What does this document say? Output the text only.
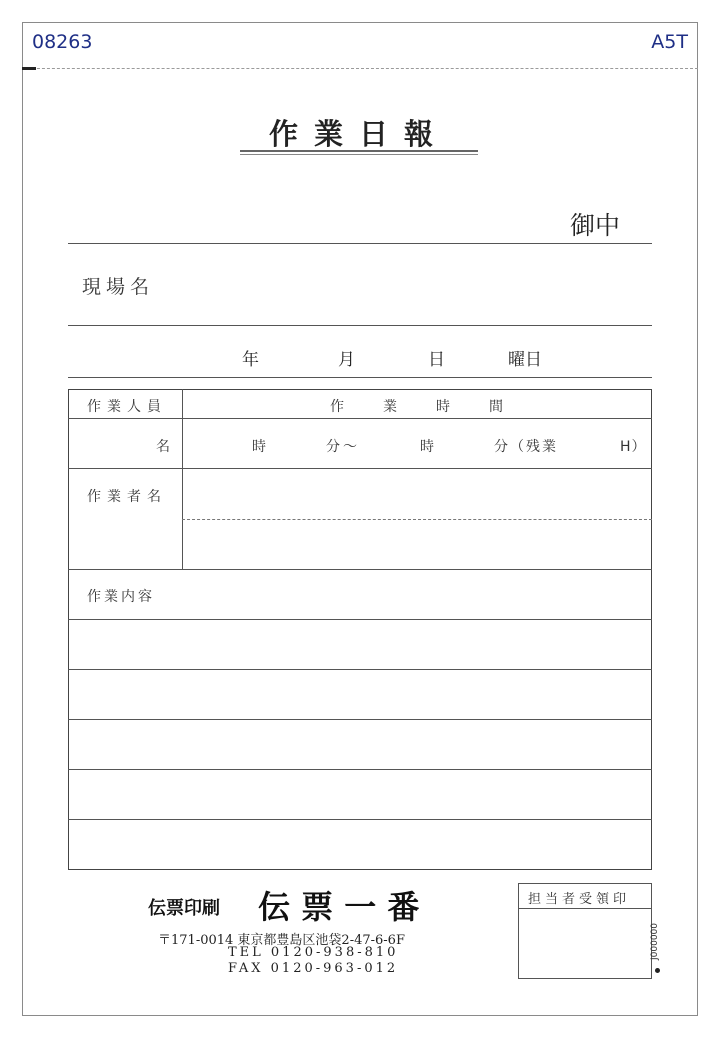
08263	A5T
作業日報
御中
現場名
年	月	日	曜日
作業人員	作 業 時 間
名	時	分～	時	分（残業	H）
作業者名
作業内容
伝票印刷 伝 票 一 番
〒171-0014 東京都豊島区池袋2-47-6-6F
TEL 0120-938-810
FAX 0120-963-012
担当者受領印
J000000
